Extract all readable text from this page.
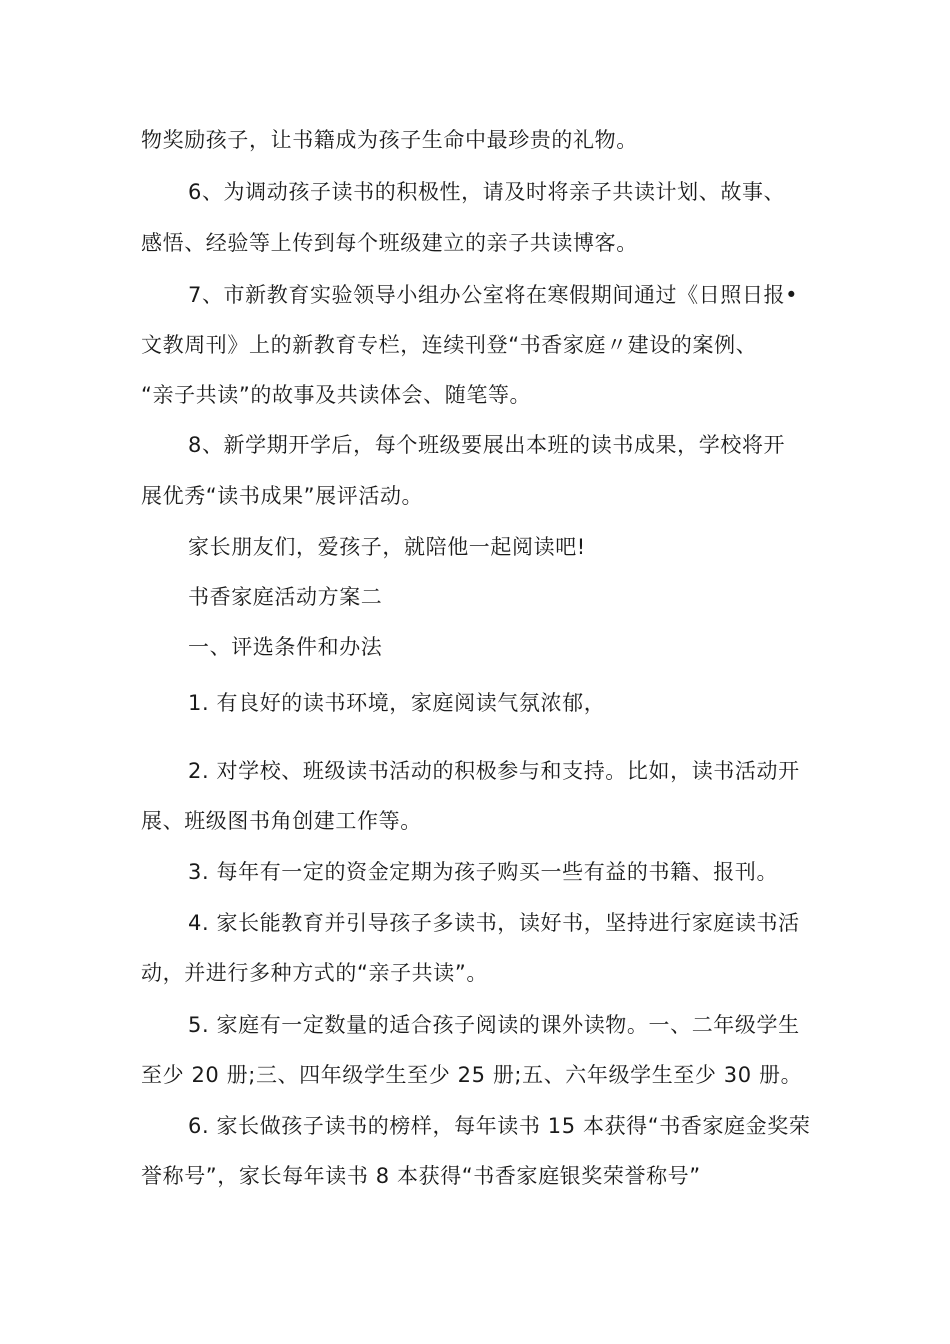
物奖励孩子，让书籍成为孩子生命中最珍贵的礼物。
6、为调动孩子读书的积极性，请及时将亲子共读计划、故事、
感悟、经验等上传到每个班级建立的亲子共读博客。
7、市新教育实验领导小组办公室将在寒假期间通过《日照日报•
文教周刊》上的新教育专栏，连续刊登“书香家庭〃建设的案例、
“亲子共读”的故事及共读体会、随笔等。
8、新学期开学后，每个班级要展出本班的读书成果，学校将开
展优秀“读书成果”展评活动。
家长朋友们，爱孩子，就陪他一起阅读吧!
书香家庭活动方案二
一、评选条件和办法
1. 有良好的读书环境，家庭阅读气氛浓郁，
2. 对学校、班级读书活动的积极参与和支持。比如，读书活动开
展、班级图书角创建工作等。
3. 每年有一定的资金定期为孩子购买一些有益的书籍、报刊。
4. 家长能教育并引导孩子多读书，读好书，坚持进行家庭读书活
动，并进行多种方式的“亲子共读”。
5. 家庭有一定数量的适合孩子阅读的课外读物。一、二年级学生
至少 20 册;三、四年级学生至少 25 册;五、六年级学生至少 30 册。
6. 家长做孩子读书的榜样，每年读书 15 本获得“书香家庭金奖荣
誉称号”，家长每年读书 8 本获得“书香家庭银奖荣誉称号”
